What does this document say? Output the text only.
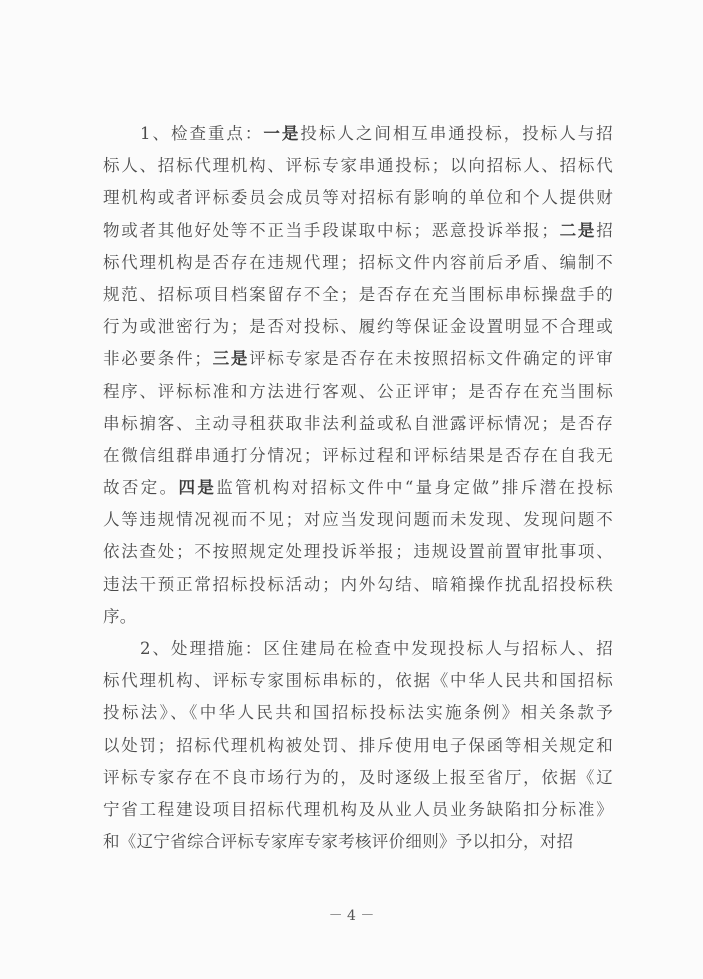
　　1、检查重点：一是投标人之间相互串通投标，投标人与招
标人、招标代理机构、评标专家串通投标；以向招标人、招标代
理机构或者评标委员会成员等对招标有影响的单位和个人提供财
物或者其他好处等不正当手段谋取中标；恶意投诉举报；二是招
标代理机构是否存在违规代理；招标文件内容前后矛盾、编制不
规范、招标项目档案留存不全；是否存在充当围标串标操盘手的
行为或泄密行为；是否对投标、履约等保证金设置明显不合理或
非必要条件；三是评标专家是否存在未按照招标文件确定的评审
程序、评标标准和方法进行客观、公正评审；是否存在充当围标
串标掮客、主动寻租获取非法利益或私自泄露评标情况；是否存
在微信组群串通打分情况；评标过程和评标结果是否存在自我无
故否定。四是监管机构对招标文件中“量身定做”排斥潜在投标
人等违规情况视而不见；对应当发现问题而未发现、发现问题不
依法查处；不按照规定处理投诉举报；违规设置前置审批事项、
违法干预正常招标投标活动；内外勾结、暗箱操作扰乱招投标秩
序。
　　2、处理措施：区住建局在检查中发现投标人与招标人、招
标代理机构、评标专家围标串标的，依据《中华人民共和国招标
投标法》、《中华人民共和国招标投标法实施条例》相关条款予
以处罚；招标代理机构被处罚、排斥使用电子保函等相关规定和
评标专家存在不良市场行为的，及时逐级上报至省厅，依据《辽
宁省工程建设项目招标代理机构及从业人员业务缺陷扣分标准》
和《辽宁省综合评标专家库专家考核评价细则》予以扣分，对招
－ 4 －
